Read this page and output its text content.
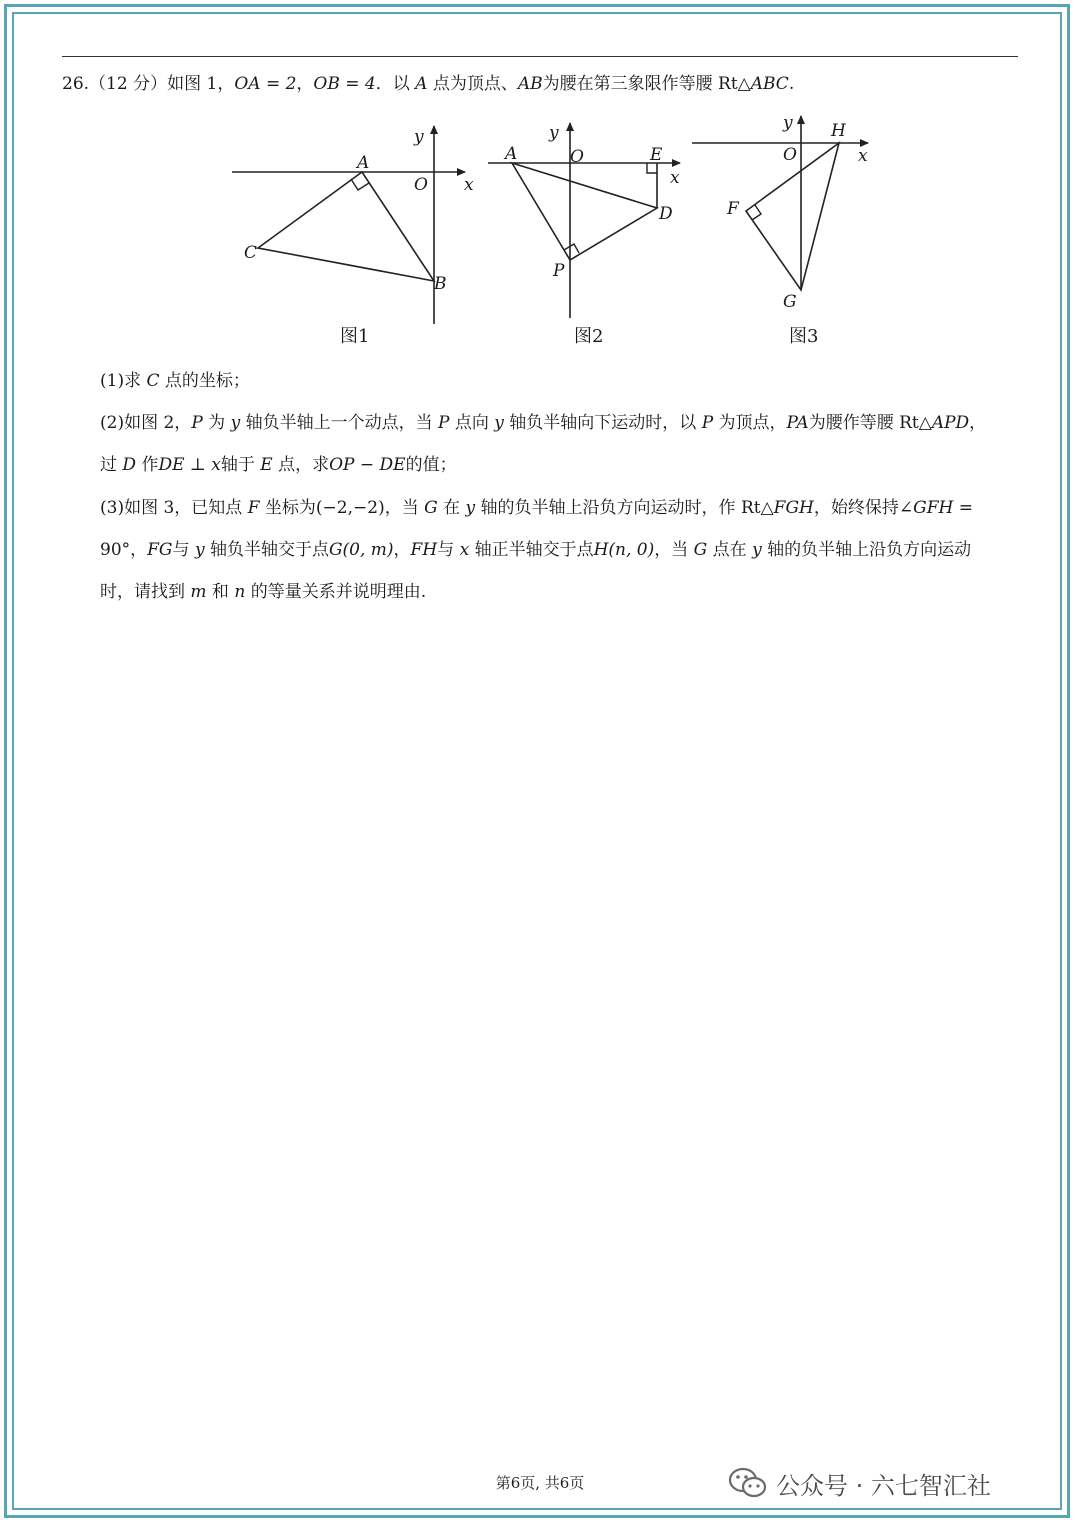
26.（12 分）如图 1，OA = 2，OB = 4．以 A 点为顶点、AB为腰在第三象限作等腰 Rt△ABC.
y
x
O
A
B
C
y
x
O
A	E
D
P
y
x
O
H
F
G
图1	图2	图3
(1)求 C 点的坐标；
(2)如图 2，P 为 y 轴负半轴上一个动点，当 P 点向 y 轴负半轴向下运动时，以 P 为顶点，PA为腰作等腰 Rt△APD，
过 D 作DE ⊥ x轴于 E 点，求OP − DE的值；
(3)如图 3，已知点 F 坐标为(−2,−2)，当 G 在 y 轴的负半轴上沿负方向运动时，作 Rt△FGH，始终保持∠GFH =
90°，FG与 y 轴负半轴交于点G(0, m)，FH与 x 轴正半轴交于点H(n, 0)，当 G 点在 y 轴的负半轴上沿负方向运动
时，请找到 m 和 n 的等量关系并说明理由.
第6页, 共6页	公众号 · 六七智汇社
